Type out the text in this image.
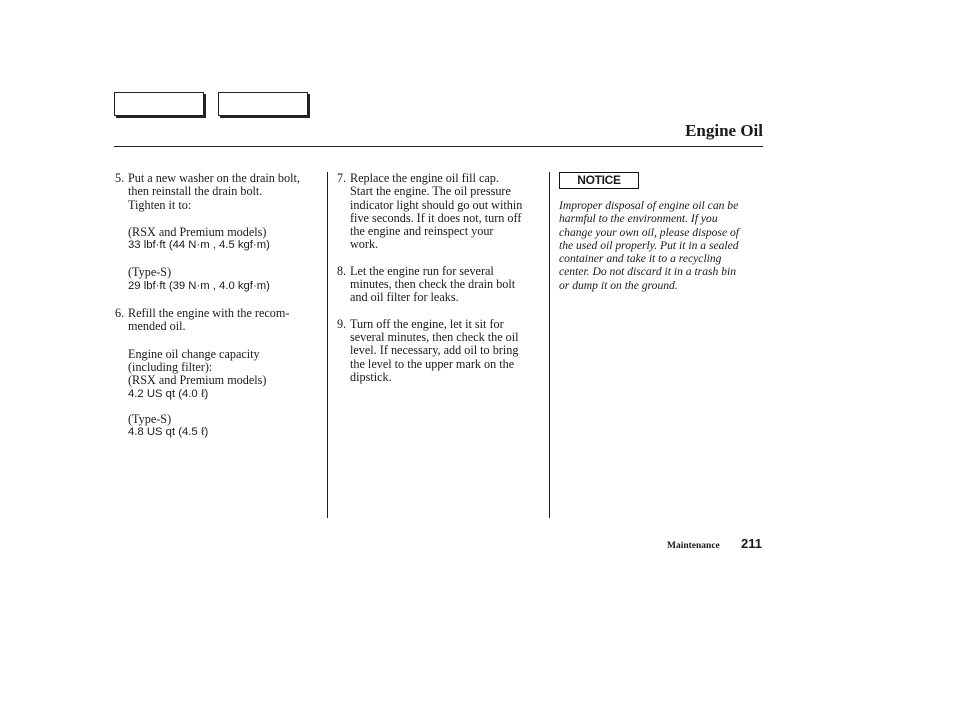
Engine Oil
5. Put a new washer on the drain bolt,
then reinstall the drain bolt.
Tighten it to:
(RSX and Premium models)
33 lbf·ft (44 N·m , 4.5 kgf·m)
(Type-S)
29 lbf·ft (39 N·m , 4.0 kgf·m)
6. Refill the engine with the recom-
mended oil.
Engine oil change capacity
(including filter):
(RSX and Premium models)
4.2 US qt (4.0 ℓ)
(Type-S)
4.8 US qt (4.5 ℓ)
7. Replace the engine oil fill cap.
Start the engine. The oil pressure
indicator light should go out within
five seconds. If it does not, turn off
the engine and reinspect your
work.
8. Let the engine run for several
minutes, then check the drain bolt
and oil filter for leaks.
9. Turn off the engine, let it sit for
several minutes, then check the oil
level. If necessary, add oil to bring
the level to the upper mark on the
dipstick.
NOTICE
Improper disposal of engine oil can be
harmful to the environment. If you
change your own oil, please dispose of
the used oil properly. Put it in a sealed
container and take it to a recycling
center. Do not discard it in a trash bin
or dump it on the ground.
Maintenance 211
